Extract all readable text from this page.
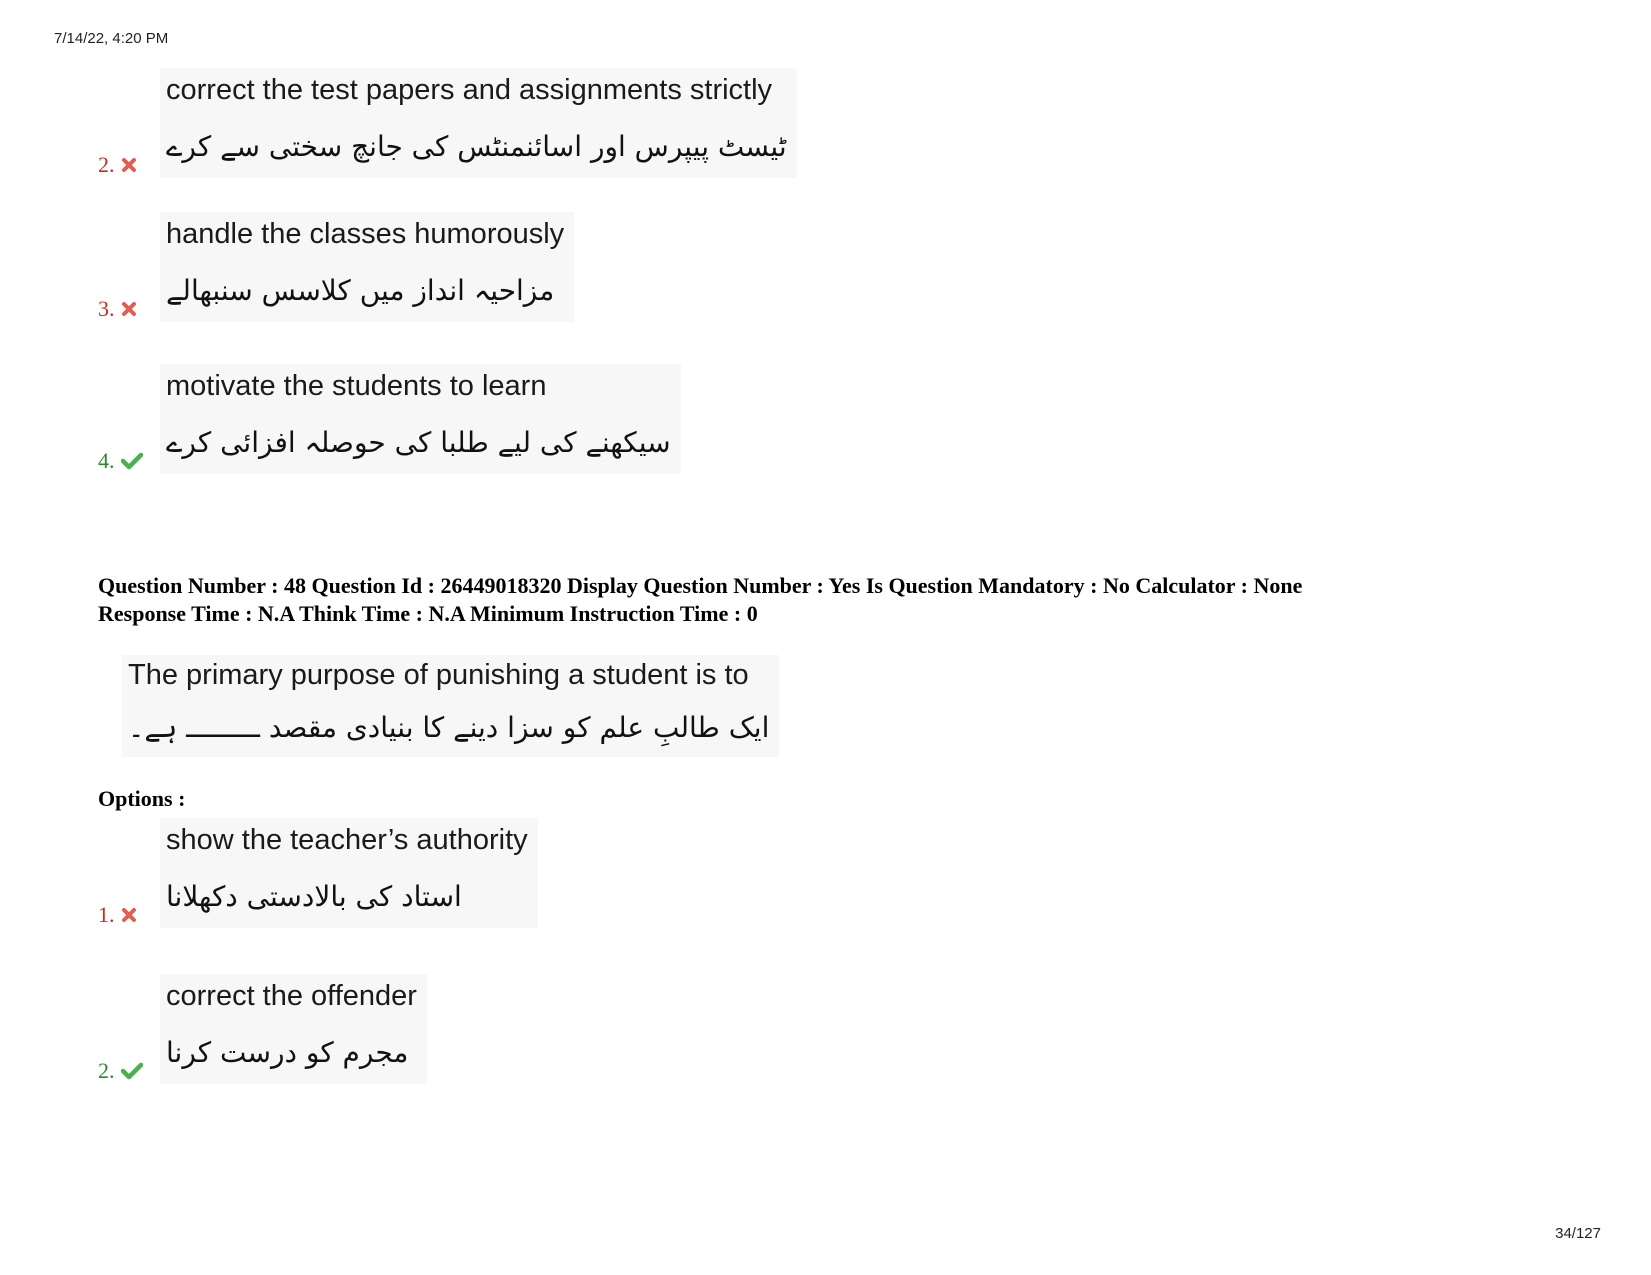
7/14/22, 4:20 PM
2.
correct the test papers and assignments strictly
ٹیسٹ پیپرس اور اسائنمنٹس کی جانچ سختی سے کرے
3.
handle the classes humorously
مزاحیہ انداز میں کلاسس سنبھالے
4.
motivate the students to learn
سیکھنے کی لیے طلبا کی حوصلہ افزائی کرے
Question Number : 48 Question Id : 26449018320 Display Question Number : Yes Is Question Mandatory : No Calculator : None
Response Time : N.A Think Time : N.A Minimum Instruction Time : 0
The primary purpose of punishing a student is to
ایک طالبِ علم کو سزا دینے کا بنیادی مقصد ـــــــــ ہے۔
Options :
1.
show the teacher’s authority
استاد کی بالادستی دکھلانا
2.
correct the offender
مجرم کو درست کرنا
34/127
